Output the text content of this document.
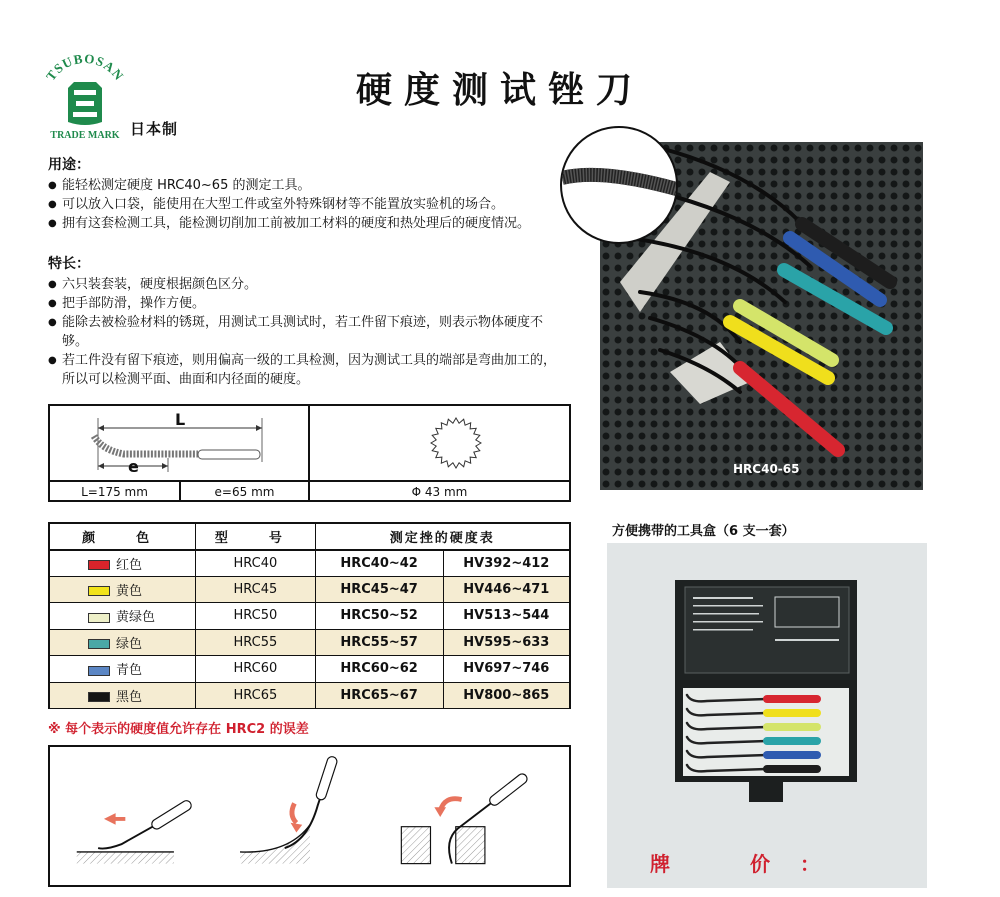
TSUBOSAN
TRADE MARK 日本制
硬度测试锉刀
用途：
● 能轻松测定硬度 HRC40~65 的测定工具。
● 可以放入口袋，能使用在大型工件或室外特殊钢材等不能置放实验机的场合。
● 拥有这套检测工具，能检测切削加工前被加工材料的硬度和热处理后的硬度情况。
特长：
● 六只装套装，硬度根据颜色区分。
● 把手部防滑，操作方便。
● 能除去被检验材料的锈斑，用测试工具测试时，若工件留下痕迹，则表示物体硬度不够。
● 若工件没有留下痕迹，则用偏高一级的工具检测，因为测试工具的端部是弯曲加工的，所以可以检测平面、曲面和内径面的硬度。
L
e
L=175 mm	e=65 mm	Φ 43 mm
颜　色	型　号	测定挫的硬度表	
红色	HRC40	HRC40~42	HV392~412
黄色	HRC45	HRC45~47	HV446~471
黄绿色	HRC50	HRC50~52	HV513~544
绿色	HRC55	HRC55~57	HV595~633
青色	HRC60	HRC60~62	HV697~746
黑色	HRC65	HRC65~67	HV800~865
※ 每个表示的硬度值允许存在 HRC2 的误差
HRC40-65
方便携带的工具盒（6 支一套）
牌　价：
